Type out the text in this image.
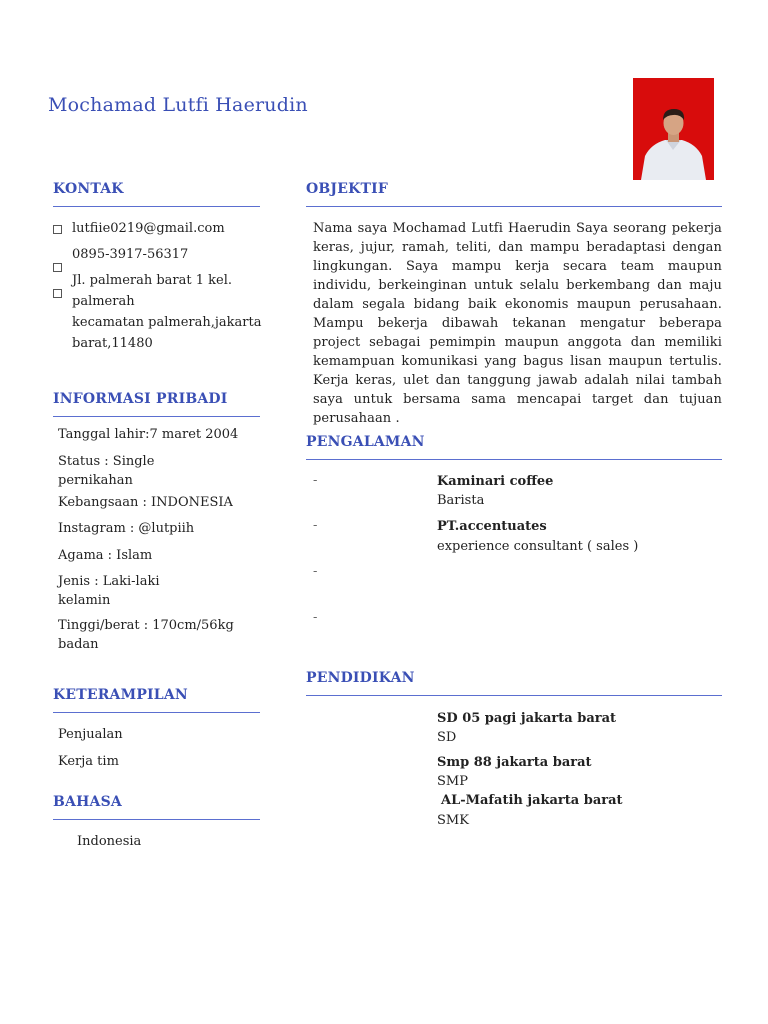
Mochamad Lutfi Haerudin
KONTAK
lutfiie0219@gmail.com
0895-3917-56317
Jl. palmerah barat 1 kel.
palmerah
kecamatan palmerah,jakarta
barat,11480
INFORMASI PRIBADI
Tanggal lahir:7 maret 2004
Status : Single
pernikahan
Kebangsaan : INDONESIA
Instagram : @lutpiih
Agama : Islam
Jenis : Laki-laki
kelamin
Tinggi/berat : 170cm/56kg
badan
KETERAMPILAN
Penjualan
Kerja tim
BAHASA
Indonesia
OBJEKTIF
Nama saya Mochamad Lutfi Haerudin Saya seorang pekerja keras, jujur, ramah, teliti, dan mampu beradaptasi dengan lingkungan. Saya mampu kerja secara team maupun individu, berkeinginan untuk selalu berkembang dan maju dalam segala bidang baik ekonomis maupun perusahaan. Mampu bekerja dibawah tekanan mengatur beberapa project sebagai pemimpin maupun anggota dan memiliki kemampuan komunikasi yang bagus lisan maupun tertulis. Kerja keras, ulet dan tanggung jawab adalah nilai tambah saya untuk bersama sama mencapai target dan tujuan perusahaan .
PENGALAMAN
-	Kaminari coffee
Barista
-	PT.accentuates
experience consultant ( sales )
-
-
PENDIDIKAN
SD 05 pagi jakarta barat
SD
Smp 88 jakarta barat
SMP
AL-Mafatih jakarta barat
SMK
